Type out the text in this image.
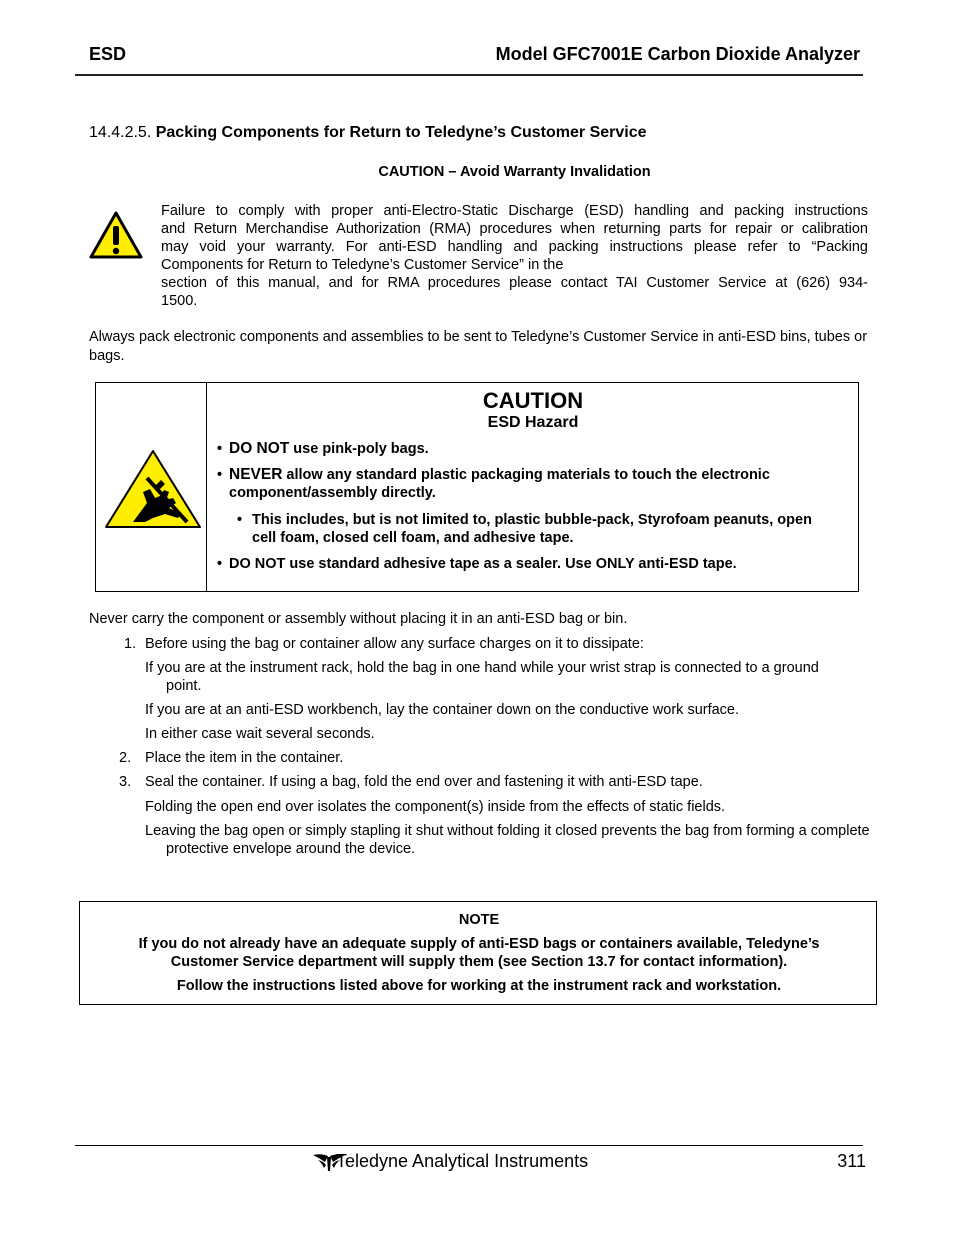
ESD	Model GFC7001E Carbon Dioxide Analyzer
14.4.2.5. Packing Components for Return to Teledyne’s Customer Service
CAUTION – Avoid Warranty Invalidation
Failure to comply with proper anti-Electro-Static Discharge (ESD) handling and packing instructions
and Return Merchandise Authorization (RMA) procedures when returning parts for repair or calibration
may void your warranty. For anti-ESD handling and packing instructions please refer to “Packing
Components for Return to Teledyne’s Customer Service” in the
section of this manual, and for RMA procedures please contact TAI Customer Service at (626) 934-
1500.
Always pack electronic components and assemblies to be sent to Teledyne’s Customer Service in anti-ESD bins, tubes or bags.
CAUTION
ESD Hazard
• DO NOT use pink-poly bags.
• NEVER allow any standard plastic packaging materials to touch the electronic component/assembly directly.
• This includes, but is not limited to, plastic bubble-pack, Styrofoam peanuts, open cell foam, closed cell foam, and adhesive tape.
• DO NOT use standard adhesive tape as a sealer. Use ONLY anti-ESD tape.
Never carry the component or assembly without placing it in an anti-ESD bag or bin.
1. Before using the bag or container allow any surface charges on it to dissipate:
If you are at the instrument rack, hold the bag in one hand while your wrist strap is connected to a ground point.
If you are at an anti-ESD workbench, lay the container down on the conductive work surface.
In either case wait several seconds.
2. Place the item in the container.
3. Seal the container. If using a bag, fold the end over and fastening it with anti-ESD tape.
Folding the open end over isolates the component(s) inside from the effects of static fields.
Leaving the bag open or simply stapling it shut without folding it closed prevents the bag from forming a complete protective envelope around the device.
NOTE
If you do not already have an adequate supply of anti-ESD bags or containers available, Teledyne’s
Customer Service department will supply them (see Section 13.7 for contact information).
Follow the instructions listed above for working at the instrument rack and workstation.
Teledyne Analytical Instruments	311
